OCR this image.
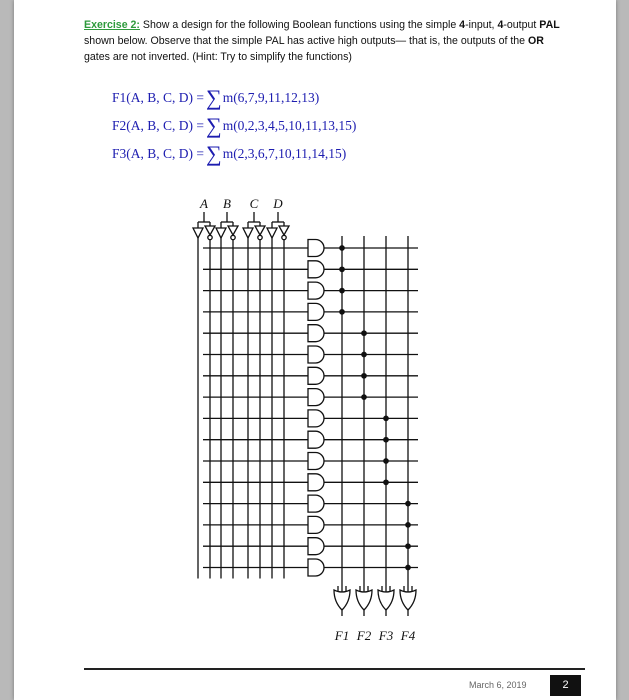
Exercise 2: Show a design for the following Boolean functions using the simple 4-input, 4-output PAL shown below. Observe that the simple PAL has active high outputs— that is, the outputs of the OR gates are not inverted. (Hint: Try to simplify the functions)
F1(A, B, C, D) =∑m(6,7,9,11,12,13)
F2(A, B, C, D) =∑m(0,2,3,4,5,10,11,13,15)
F3(A, B, C, D) =∑m(2,3,6,7,10,11,14,15)
A B C D
F1 F2 F3 F4
March 6, 2019	2
